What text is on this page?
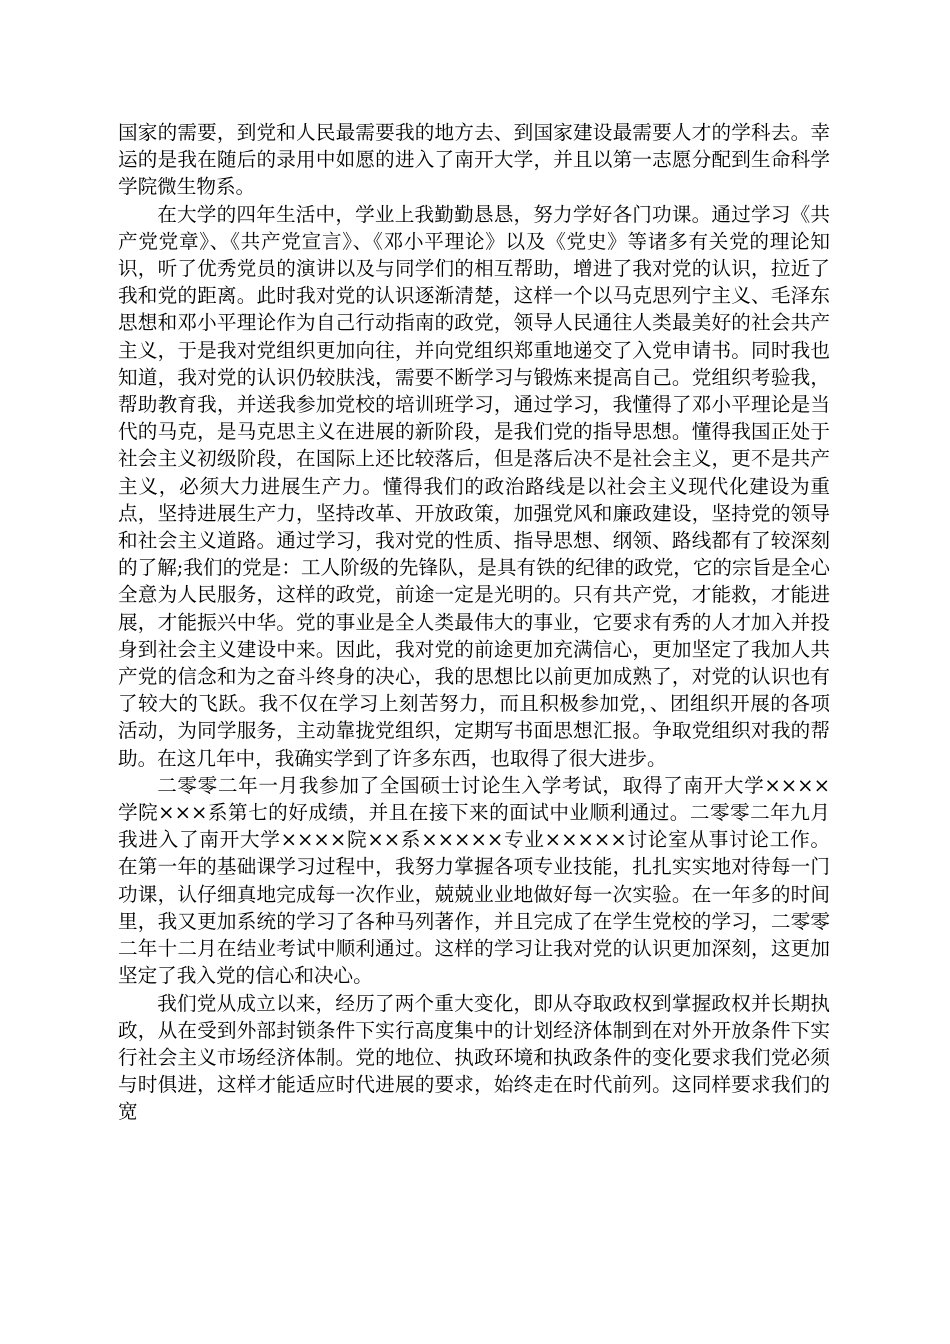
国家的需要，到党和人民最需要我的地方去、到国家建设最需要人才的学科去。幸运的是我在随后的录用中如愿的进入了南开大学，并且以第一志愿分配到生命科学学院微生物系。

在大学的四年生活中，学业上我勤勤恳恳，努力学好各门功课。通过学习《共产党党章》、《共产党宣言》、《邓小平理论》以及《党史》等诸多有关党的理论知识，听了优秀党员的演讲以及与同学们的相互帮助，增进了我对党的认识，拉近了我和党的距离。此时我对党的认识逐渐清楚，这样一个以马克思列宁主义、毛泽东思想和邓小平理论作为自己行动指南的政党，领导人民通往人类最美好的社会共产主义，于是我对党组织更加向往，并向党组织郑重地递交了入党申请书。同时我也知道，我对党的认识仍较肤浅，需要不断学习与锻炼来提高自己。党组织考验我，帮助教育我，并送我参加党校的培训班学习，通过学习，我懂得了邓小平理论是当代的马克，是马克思主义在进展的新阶段，是我们党的指导思想。懂得我国正处于社会主义初级阶段，在国际上还比较落后，但是落后决不是社会主义，更不是共产主义，必须大力进展生产力。懂得我们的政治路线是以社会主义现代化建设为重点，坚持进展生产力，坚持改革、开放政策，加强党风和廉政建设，坚持党的领导和社会主义道路。通过学习，我对党的性质、指导思想、纲领、路线都有了较深刻的了解;我们的党是：工人阶级的先锋队，是具有铁的纪律的政党，它的宗旨是全心全意为人民服务，这样的政党，前途一定是光明的。只有共产党，才能救，才能进展，才能振兴中华。党的事业是全人类最伟大的事业，它要求有秀的人才加入并投身到社会主义建设中来。因此，我对党的前途更加充满信心，更加坚定了我加人共产党的信念和为之奋斗终身的决心，我的思想比以前更加成熟了，对党的认识也有了较大的飞跃。我不仅在学习上刻苦努力，而且积极参加党，、团组织开展的各项活动，为同学服务，主动靠拢党组织，定期写书面思想汇报。争取党组织对我的帮助。在这几年中，我确实学到了许多东西，也取得了很大进步。

二零零二年一月我参加了全国硕士讨论生入学考试，取得了南开大学××××学院×××系第七的好成绩，并且在接下来的面试中业顺利通过。二零零二年九月我进入了南开大学××××院××系×××××专业×××××讨论室从事讨论工作。在第一年的基础课学习过程中，我努力掌握各项专业技能，扎扎实实地对待每一门功课，认仔细真地完成每一次作业，兢兢业业地做好每一次实验。在一年多的时间里，我又更加系统的学习了各种马列著作，并且完成了在学生党校的学习，二零零二年十二月在结业考试中顺利通过。这样的学习让我对党的认识更加深刻，这更加坚定了我入党的信心和决心。

我们党从成立以来，经历了两个重大变化，即从夺取政权到掌握政权并长期执政，从在受到外部封锁条件下实行高度集中的计划经济体制到在对外开放条件下实行社会主义市场经济体制。党的地位、执政环境和执政条件的变化要求我们党必须与时俱进，这样才能适应时代进展的要求，始终走在时代前列。这同样要求我们的宽
